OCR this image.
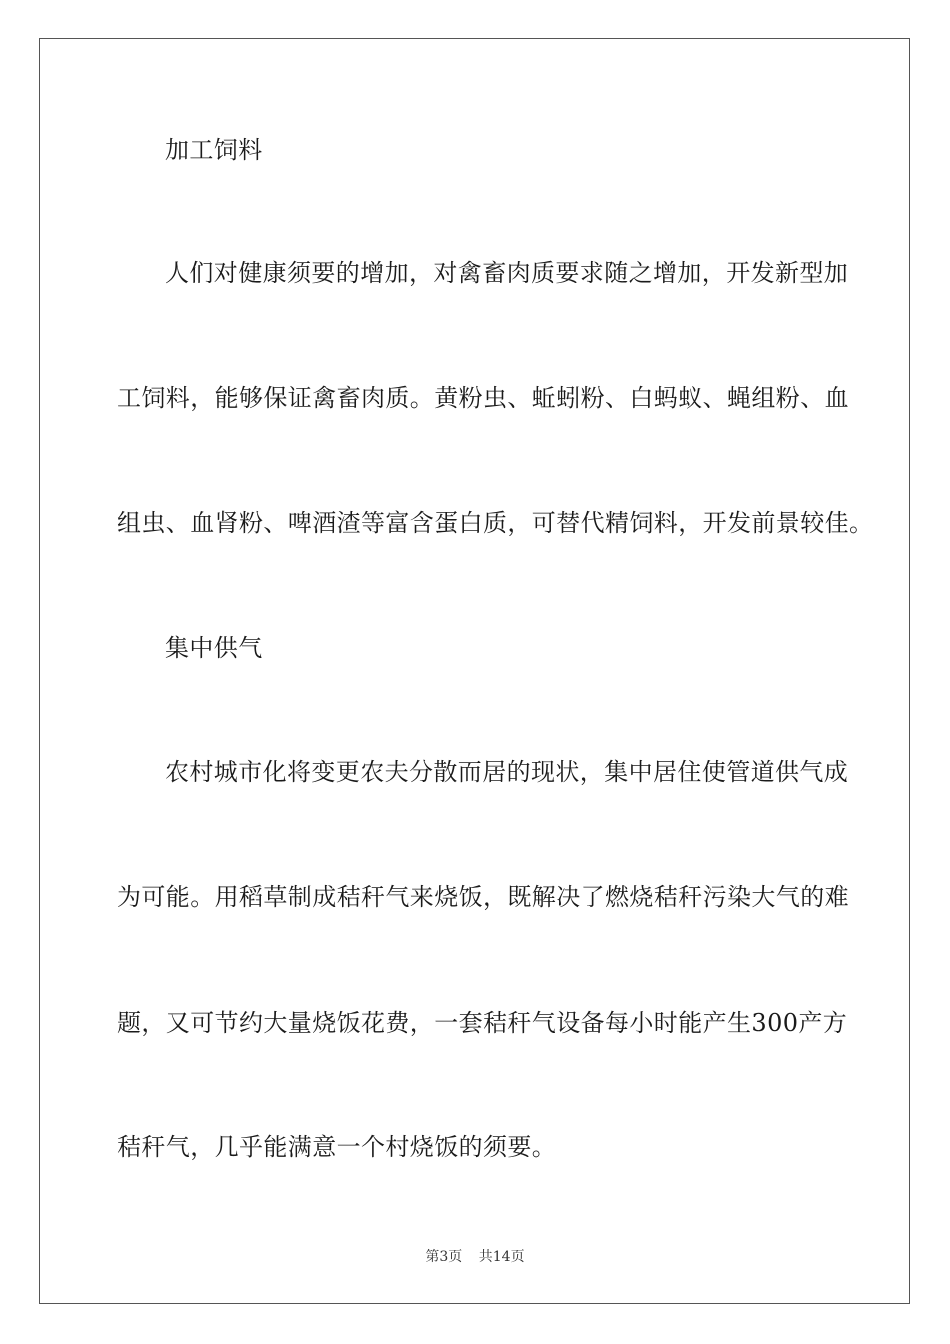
加工饲料
人们对健康须要的增加，对禽畜肉质要求随之增加，开发新型加
工饲料，能够保证禽畜肉质。黄粉虫、蚯蚓粉、白蚂蚁、蝇组粉、血
组虫、血肾粉、啤酒渣等富含蛋白质，可替代精饲料，开发前景较佳。
集中供气
农村城市化将变更农夫分散而居的现状，集中居住使管道供气成
为可能。用稻草制成秸秆气来烧饭，既解决了燃烧秸秆污染大气的难
题，又可节约大量烧饭花费，一套秸秆气设备每小时能产生300产方
秸秆气，几乎能满意一个村烧饭的须要。
第3页 共14页
